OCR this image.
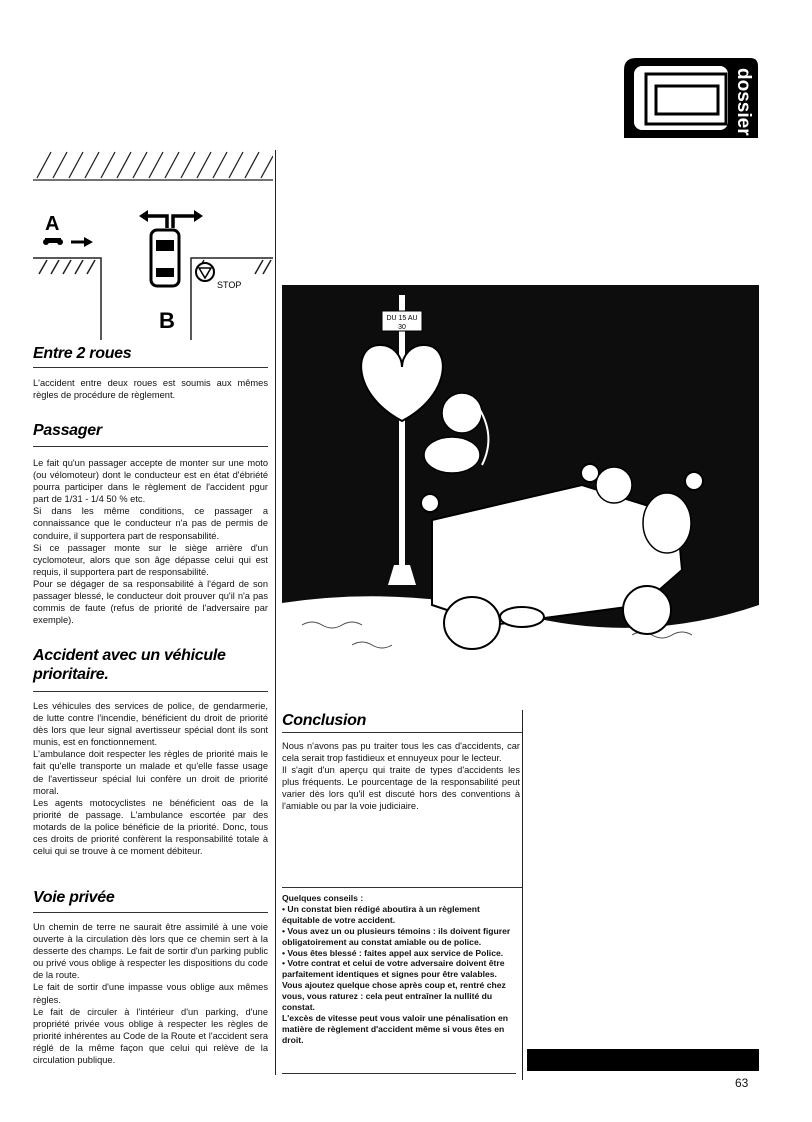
dossier
A
B
STOP
Entre 2 roues

L'accident entre deux roues est soumis aux mêmes règles de procédure de règlement.

Passager

Le fait qu'un passager accepte de monter sur une moto (ou vélomoteur) dont le conducteur est en état d'ébriété pourra participer dans le règlement de l'accident pgur part de 1/31 - 1/4 50 % etc.

Si dans les même conditions, ce passager a connaissance que le conducteur n'a pas de permis de conduire, il supportera part de responsabilité.

Si ce passager monte sur le siège arrière d'un cyclomoteur, alors que son âge dépasse celui qui est requis, il supportera part de responsabilité.

Pour se dégager de sa responsabilité à l'égard de son passager blessé, le conducteur doit prouver qu'il n'a pas commis de faute (refus de priorité de l'adversaire par exemple).

Accident avec un véhicule prioritaire.

Les véhicules des services de police, de gendarmerie, de lutte contre l'incendie, bénéficient du droit de priorité dès lors que leur signal avertisseur spécial dont ils sont munis, est en fonctionnement.

L'ambulance doit respecter les règles de priorité mais le fait qu'elle transporte un malade et qu'elle fasse usage de l'avertisseur spécial lui confère un droit de priorité moral.

Les agents motocyclistes ne bénéficient oas de la priorité de passage. L'ambulance escortée par des motards de la police bénéficie de la priorité. Donc, tous ces droits de priorité confèrent la responsabilité totale à celui qui se trouve à ce moment débiteur.

Voie privée

Un chemin de terre ne saurait être assimilé à une voie ouverte à la circulation dès lors que ce chemin sert à la desserte des champs. Le fait de sortir d'un parking public ou privé vous oblige à respecter les dispositions du code de la route.

Le fait de sortir d'une impasse vous oblige aux mêmes règles.

Le fait de circuler à l'intérieur d'un parking, d'une propriété privée vous oblige à respecter les règles de priorité inhérentes au Code de la Route et l'accident sera réglé de la même façon que celui qui relève de la circulation publique.

DU 15 AU
30
Conclusion

Nous n'avons pas pu traiter tous les cas d'accidents, car cela serait trop fastidieux et ennuyeux pour le lecteur.

Il s'agit d'un aperçu qui traite de types d'accidents les plus fréquents. Le pourcentage de la responsabilité peut varier dès lors qu'il est discuté hors des conventions à l'amiable ou par la voie judiciaire.

Quelques conseils :

• Un constat bien rédigé aboutira à un règlement équitable de votre accident.

• Vous avez un ou plusieurs témoins : ils doivent figurer obligatoirement au constat amiable ou de police.

• Vous êtes blessé : faites appel aux service de Police.

• Votre contrat et celui de votre adversaire doivent être parfaitement identiques et signes pour être valables. Vous ajoutez quelque chose après coup et, rentré chez vous, vous raturez : cela peut entraîner la nullité du constat.

L'excès de vitesse peut vous valoir une pénalisation en matière de règlement d'accident même si vous êtes en droit.

63
